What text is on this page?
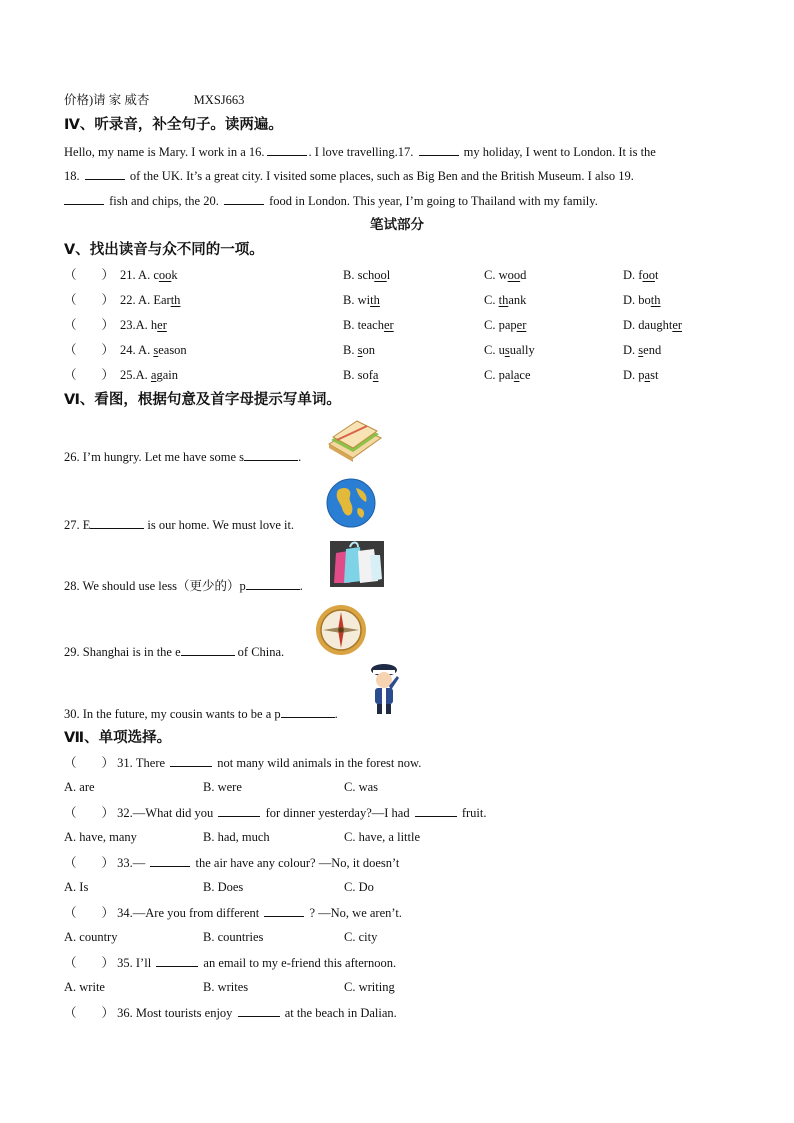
价格)请 家 威杏	MXSJ663
Ⅳ、听录音，补全句子。读两遍。
Hello, my name is Mary. I work in a 16.	. I love travelling.17.	my holiday, I went to London. It is the
18.	of the UK. It’s a great city. I visited some places, such as Big Ben and the British Museum. I also 19.
fish and chips, the 20.	food in London. This year, I’m going to Thailand with my family.
笔试部分
Ⅴ、找出读音与众不同的一项。
（　　） 21. A. cook	B. school	C. wood	D. foot
（　　） 22. A. Earth	B. with	C. thank	D. both
（　　） 23.A. her	B. teacher	C. paper	D. daughter
（　　） 24. A. season	B. son	C. usually	D. send
（　　） 25.A. again	B. sofa	C. palace	D. past
Ⅵ、看图，根据句意及首字母提示写单词。
26. I’m hungry. Let me have some s	.
27. E	is our home. We must love it.
28. We should use less（更少的）p	.
29. Shanghai is in the e	of China.
30. In the future, my cousin wants to be a p	.
Ⅶ、单项选择。
（　　） 31. There	not many wild animals in the forest now.
A. are	B. were	C. was
（　　） 32.—What did you	for dinner yesterday?—I had	fruit.
A. have, many	B. had, much	C. have, a little
（　　） 33.—	the air have any colour? —No, it doesn’t
A. Is	B. Does	C. Do
（　　） 34.—Are you from different	? —No, we aren’t.
A. country	B. countries	C. city
（　　） 35. I’ll	an email to my e-friend this afternoon.
A. write	B. writes	C. writing
（　　） 36. Most tourists enjoy	at the beach in Dalian.
